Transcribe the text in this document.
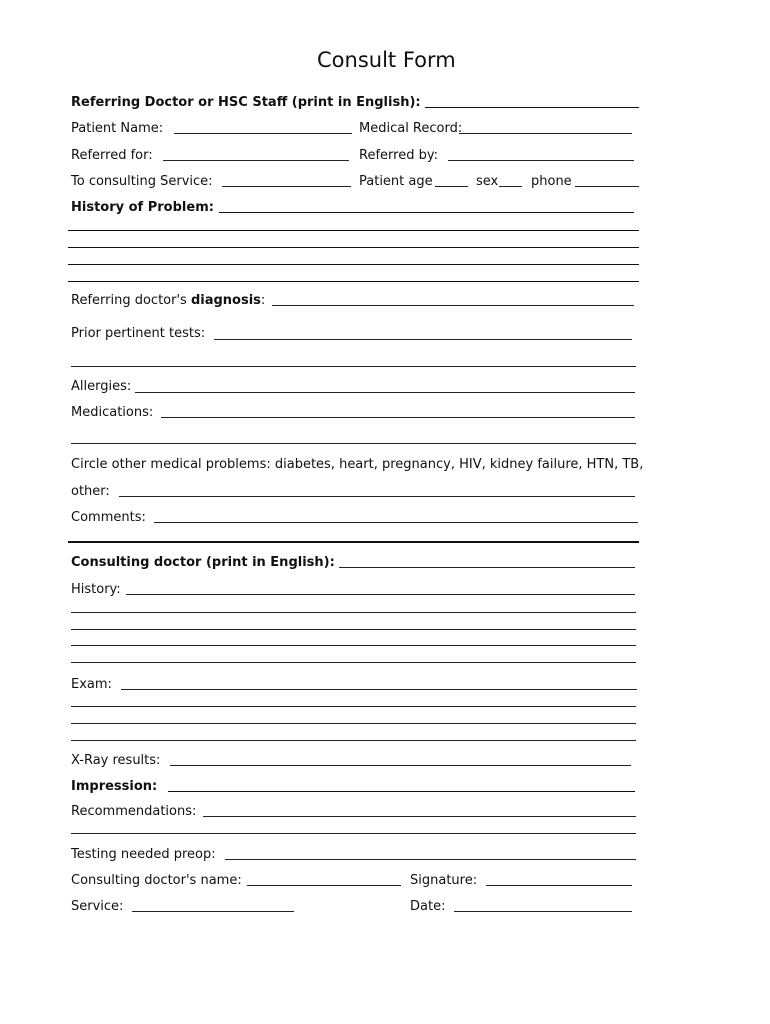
Consult Form
Referring Doctor or HSC Staff (print in English):
Patient Name:	Medical Record:
Referred for:	Referred by:
To consulting Service:	Patient age	sex	phone
History of Problem:
Referring doctor's diagnosis:
Prior pertinent tests:
Allergies:
Medications:
Circle other medical problems: diabetes, heart, pregnancy, HIV, kidney failure, HTN, TB,
other:
Comments:
Consulting doctor (print in English):
History:
Exam:
X-Ray results:
Impression:
Recommendations:
Testing needed preop:
Consulting doctor's name:	Signature:
Service:	Date:
